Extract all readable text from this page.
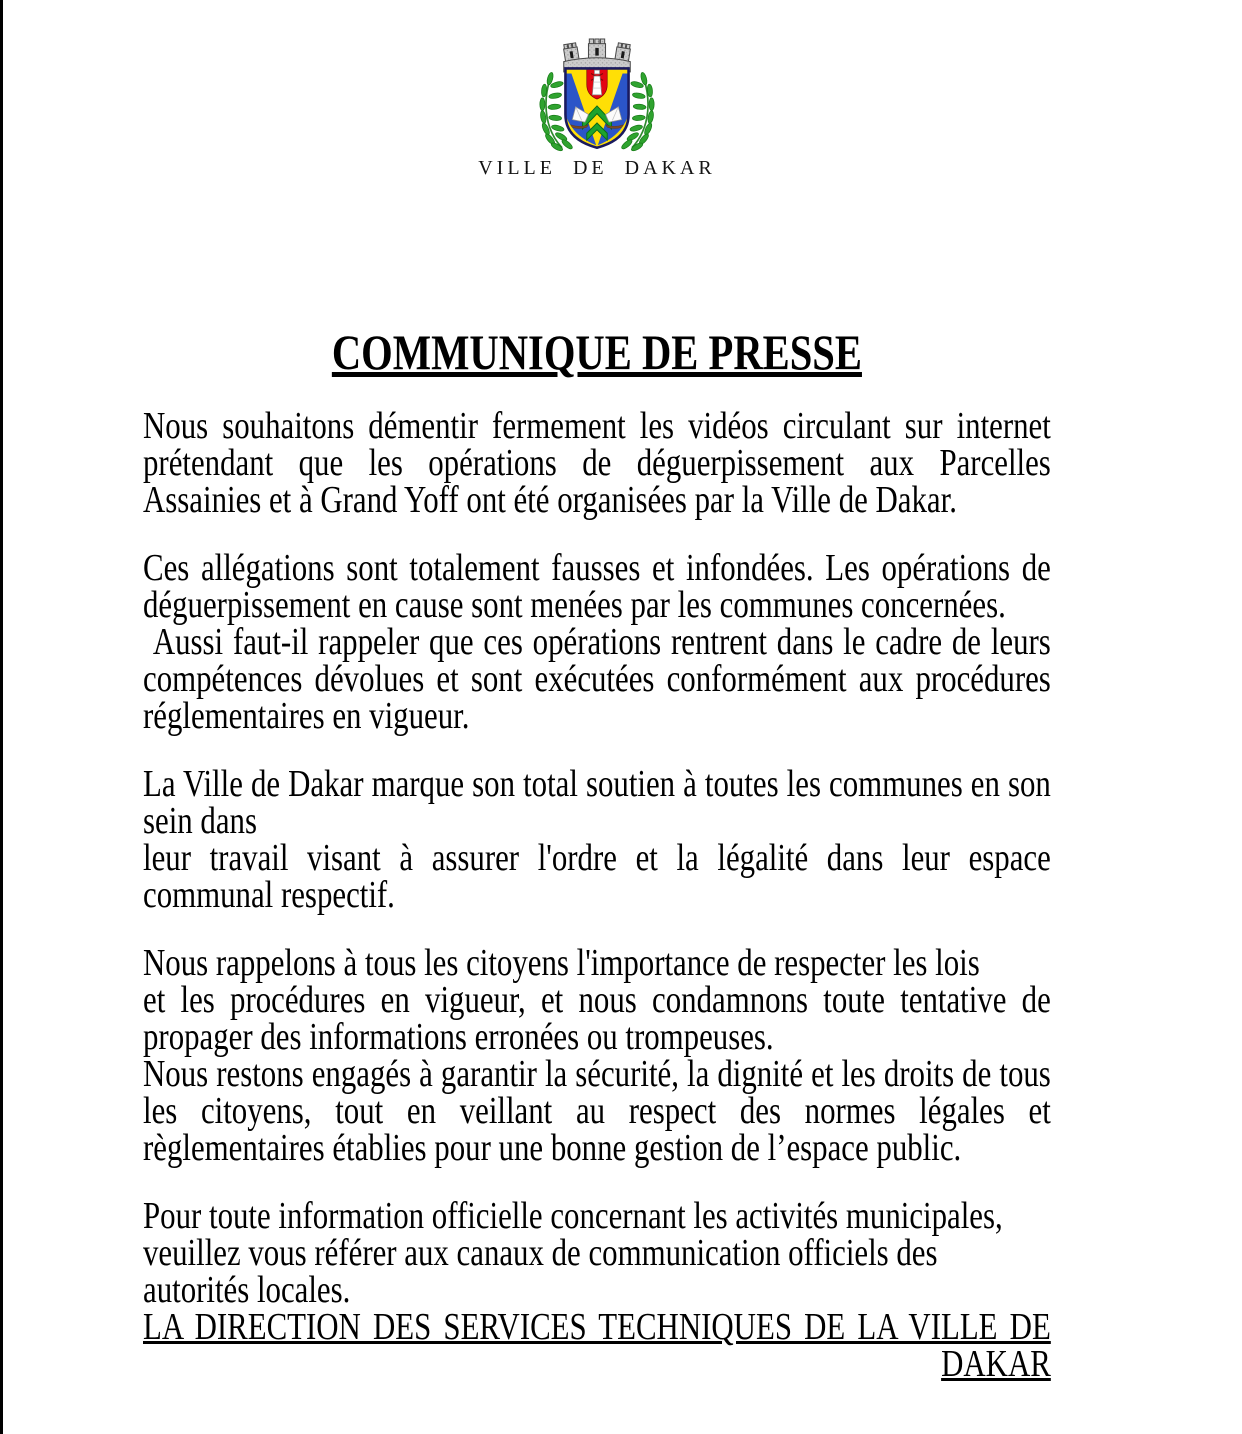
VILLE DE DAKAR
COMMUNIQUE DE PRESSE

Nous souhaitons démentir fermement les vidéos circulant sur internet prétendant que les opérations de déguerpissement aux Parcelles Assainies et à Grand Yoff ont été organisées par la Ville de Dakar.

Ces allégations sont totalement fausses et infondées. Les opérations de déguerpissement en cause sont menées par les communes concernées.
Aussi faut-il rappeler que ces opérations rentrent dans le cadre de leurs compétences dévolues et sont exécutées conformément aux procédures réglementaires en vigueur.

La Ville de Dakar marque son total soutien à toutes les communes en son sein dans
leur travail visant à assurer l'ordre et la légalité dans leur espace communal respectif.

Nous rappelons à tous les citoyens l'importance de respecter les lois
et les procédures en vigueur, et nous condamnons toute tentative de propager des informations erronées ou trompeuses.
Nous restons engagés à garantir la sécurité, la dignité et les droits de tous les citoyens, tout en veillant au respect des normes légales et règlementaires établies pour une bonne gestion de l’espace public.

Pour toute information officielle concernant les activités municipales,
veuillez vous référer aux canaux de communication officiels des
autorités locales.

LA DIRECTION DES SERVICES TECHNIQUES DE LA VILLE DE DAKAR
